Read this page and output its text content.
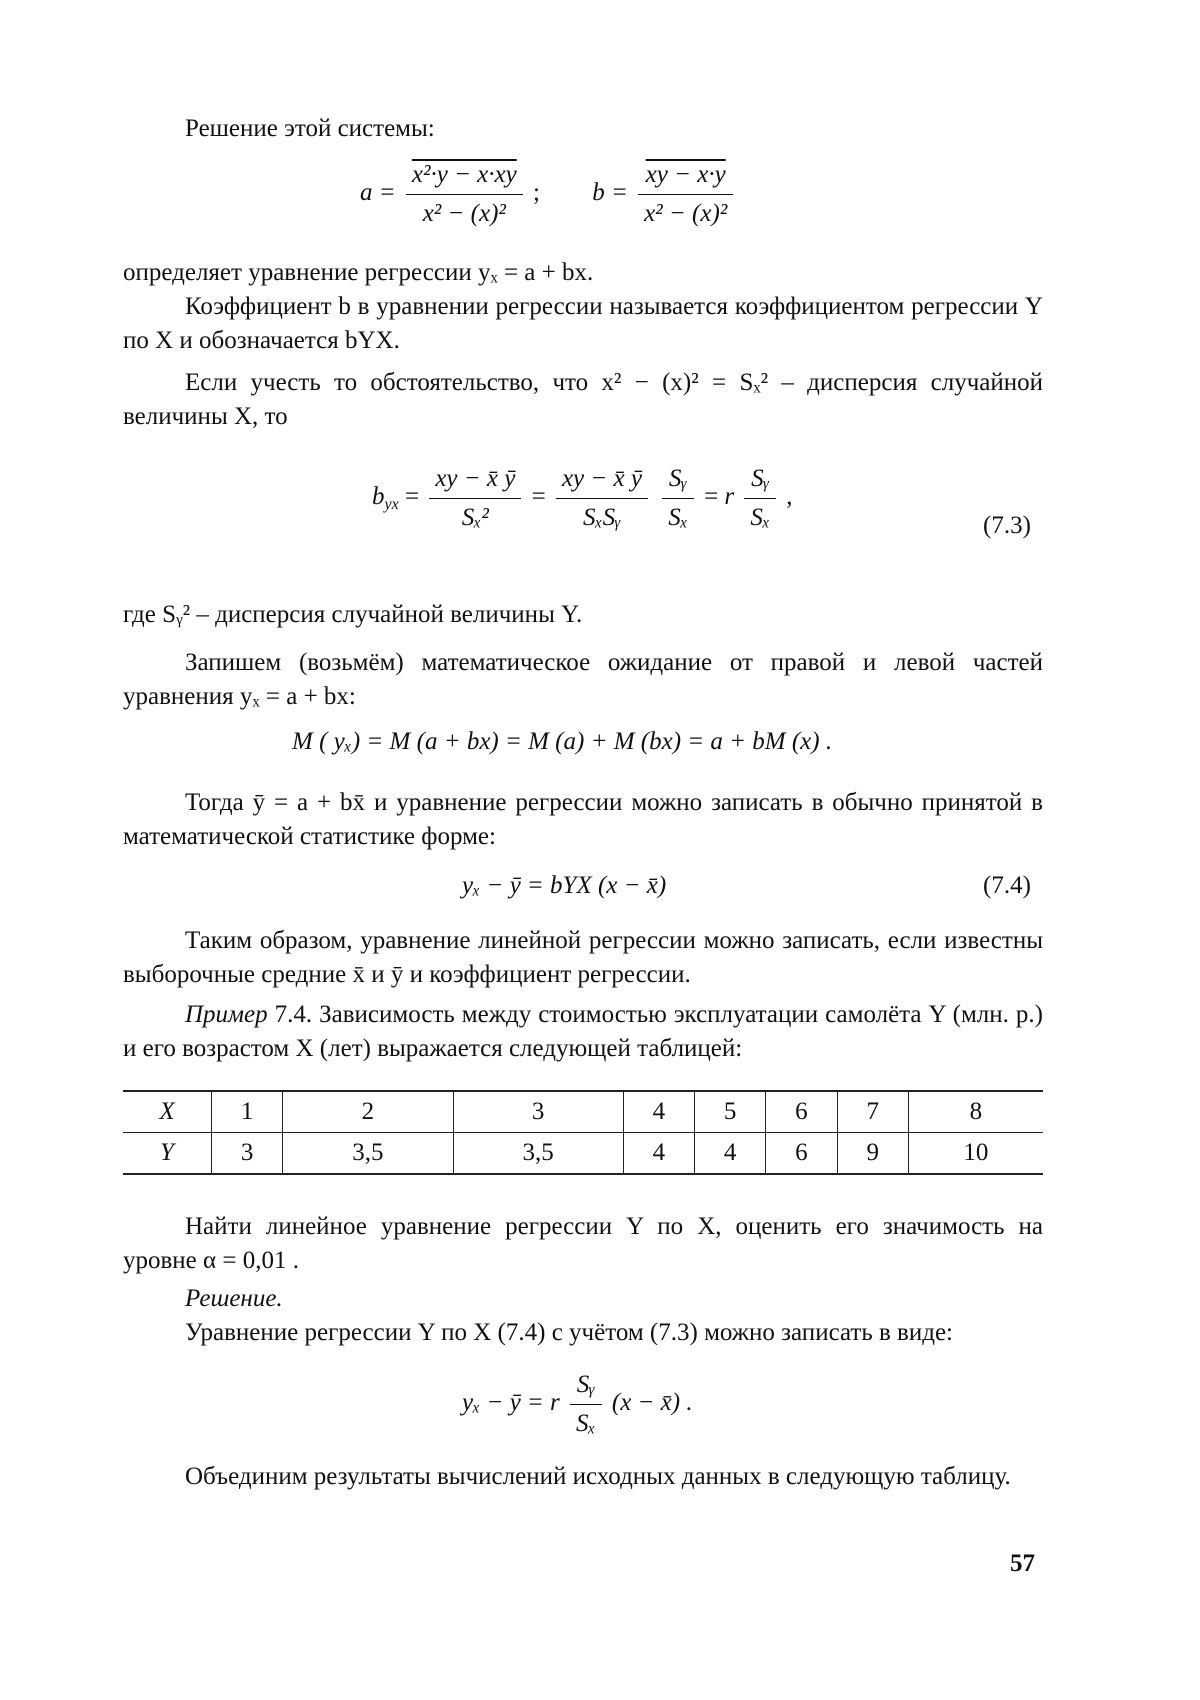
Решение этой системы:
$a = \frac{\text{x²·y − x·xy}}{\text{x² − (x)²}}$ ; $b = \frac{xy - x\cdot y}{\text{x² − (x)²}}$
определяет уравнение регрессии yₓ = a + bx.
Коэффициент b в уравнении регрессии называется коэффициентом регрессии Y по X и обозначается bYX.
Если учесть то обстоятельство, что x² − (x)² = Sₓ² – дисперсия случайной величины X, то
$b_{yx} = \frac{xy - x̄ ȳ}{\text{Sₓ²}} = \frac{xy - x̄ ȳ}{\text{SₓSᵧ}}$
$\frac{\text{Sᵧ}}{\text{Sₓ}} = r \frac{\text{Sᵧ}}{\text{Sₓ}}$ ,
(7.3)
где Sᵧ² – дисперсия случайной величины Y.
Запишем (возьмём) математическое ожидание от правой и левой частей уравнения yₓ = a + bx:
M ( yₓ) = M (a + bx) = M (a) + M (bx) = a + bM (x) .
Тогда ȳ = a + bx̄ и уравнение регрессии можно записать в обычно принятой в математической статистике форме:
yₓ − ȳ = bYX (x − x̄)	(7.4)
Таким образом, уравнение линейной регрессии можно записать, если известны выборочные средние x̄ и ȳ и коэффициент регрессии.
Пример 7.4. Зависимость между стоимостью эксплуатации самолёта Y (млн. р.) и его возрастом X (лет) выражается следующей таблицей:
X	1	2	3	4	5	6	7	8
Y	3	3,5	3,5	4	4	6	9	10
Найти линейное уравнение регрессии Y по X, оценить его значимость на уровне α = 0,01 .
Решение.
Уравнение регрессии Y по X (7.4) с учётом (7.3) можно записать в виде:
yₓ − ȳ = r $\frac{\text{Sᵧ}}{\text{Sₓ}} (x$ − x̄) .
Объединим результаты вычислений исходных данных в следующую таблицу.
57
